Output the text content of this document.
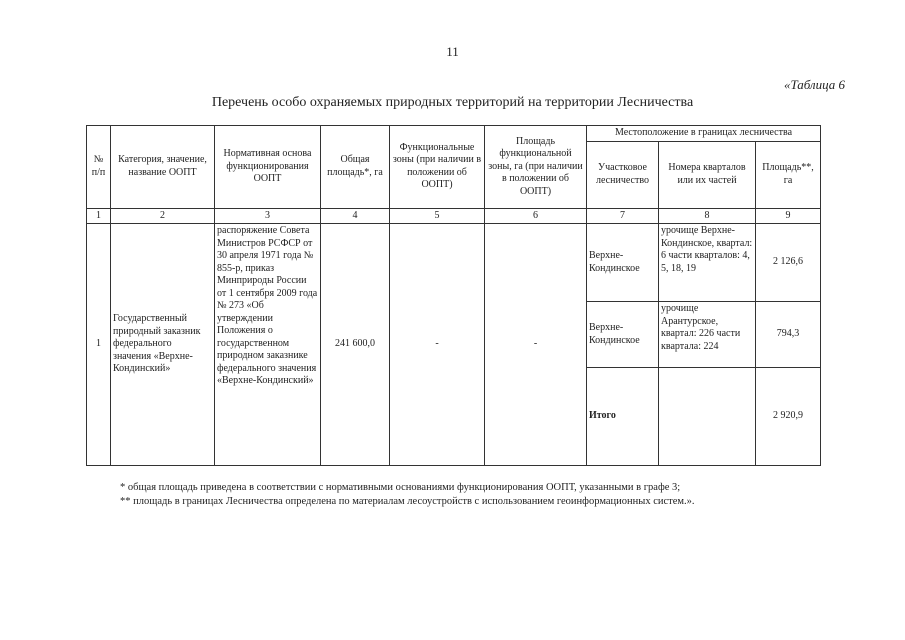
11
«Таблица 6
Перечень особо охраняемых природных территорий на территории Лесничества
№ п/п	Категория, значение, название ООПТ	Нормативная основа функционирования ООПТ	Общая площадь*, га	Функциональные зоны (при наличии в положении об ООПТ)	Площадь функциональной зоны, га (при наличии в положении об ООПТ)	Местоположение в границах лесничества		
						Участковое лесничество	Номера кварталов или их частей	Площадь**, га
1	2	3	4	5	6	7	8	9
1	Государственный природный заказник федерального значения «Верхне-Кондинский»	распоряжение Совета Министров РСФСР от 30 апреля 1971 года № 855-р, приказ Минприроды России от 1 сентября 2009 года № 273 «Об утверждении Положения о государственном природном заказнике федерального значения «Верхне-Кондинский»	241 600,0	-	-	Верхне-Кондинское	урочище Верхне-Кондинское, квартал: 6 части кварталов: 4, 5, 18, 19	2 126,6
						Верхне-Кондинское	урочище Арантурское, квартал: 226 части квартала: 224	794,3
						Итого		2 920,9
* общая площадь приведена в соответствии с нормативными основаниями функционирования ООПТ, указанными в графе 3;
** площадь в границах Лесничества определена по материалам лесоустройств с использованием геоинформационных систем.».
